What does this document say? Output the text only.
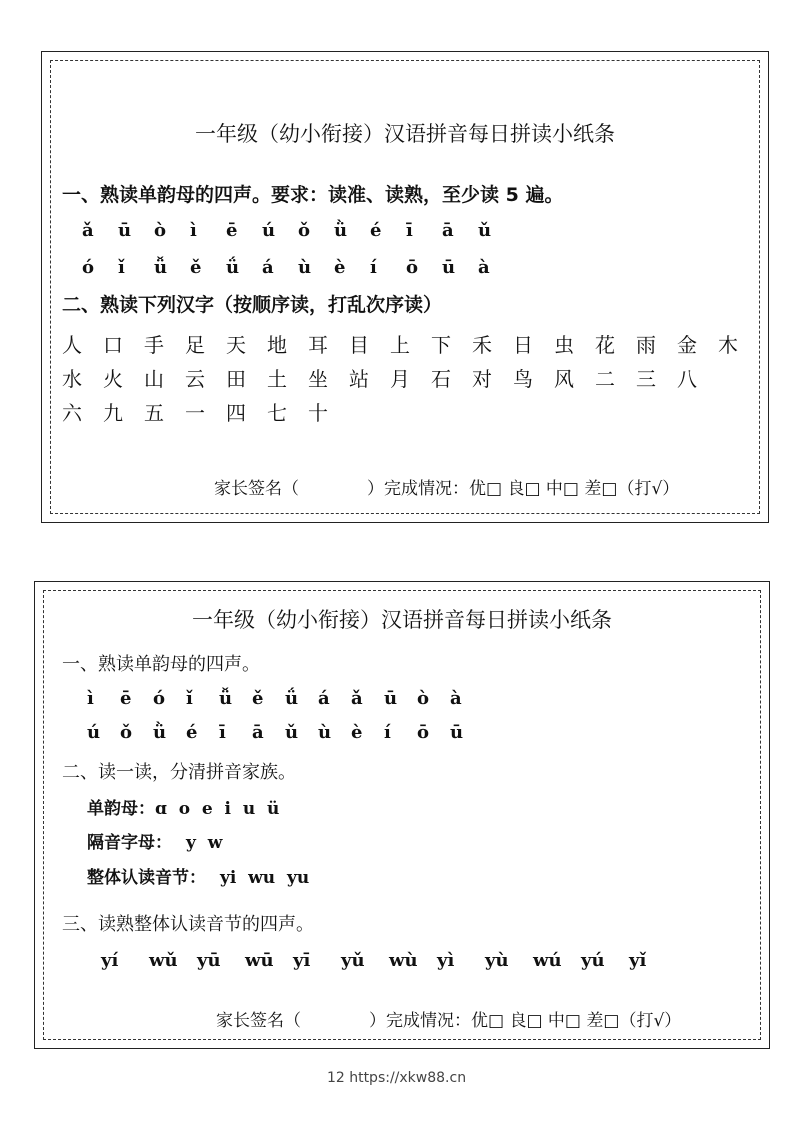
一年级（幼小衔接）汉语拼音每日拼读小纸条
一、熟读单韵母的四声。要求：读准、读熟，至少读 5 遍。
ǎ ū ò ì ē ú ǒ ǜ é ī ā ǔ
ó ǐ ǚ ě ǘ á ù è í ō ū à
二、熟读下列汉字（按顺序读，打乱次序读）
人 口 手 足 天 地 耳 目 上 下 禾 日 虫 花 雨 金 木
水 火 山 云 田 土 坐 站 月 石 对 鸟 风 二 三 八
六 九 五 一 四 七 十
家长签名（　　　　）完成情况：优□ 良□ 中□ 差□（打√）
一年级（幼小衔接）汉语拼音每日拼读小纸条
一、熟读单韵母的四声。
ì ē ó ǐ ǚ ě ǘ á ǎ ū ò à
ú ǒ ǜ é ī ā ǔ ù è í ō ū
二、读一读，分清拼音家族。
单韵母：ɑ  o  e  i  u  ü
隔音字母： y  w
整体认读音节： yi  wu  yu
三、读熟整体认读音节的四声。
yí wǔ yū wū yī yǔ wù yì yù wú yú yǐ
家长签名（　　　　）完成情况：优□ 良□ 中□ 差□（打√）
12 https://xkw88.cn
